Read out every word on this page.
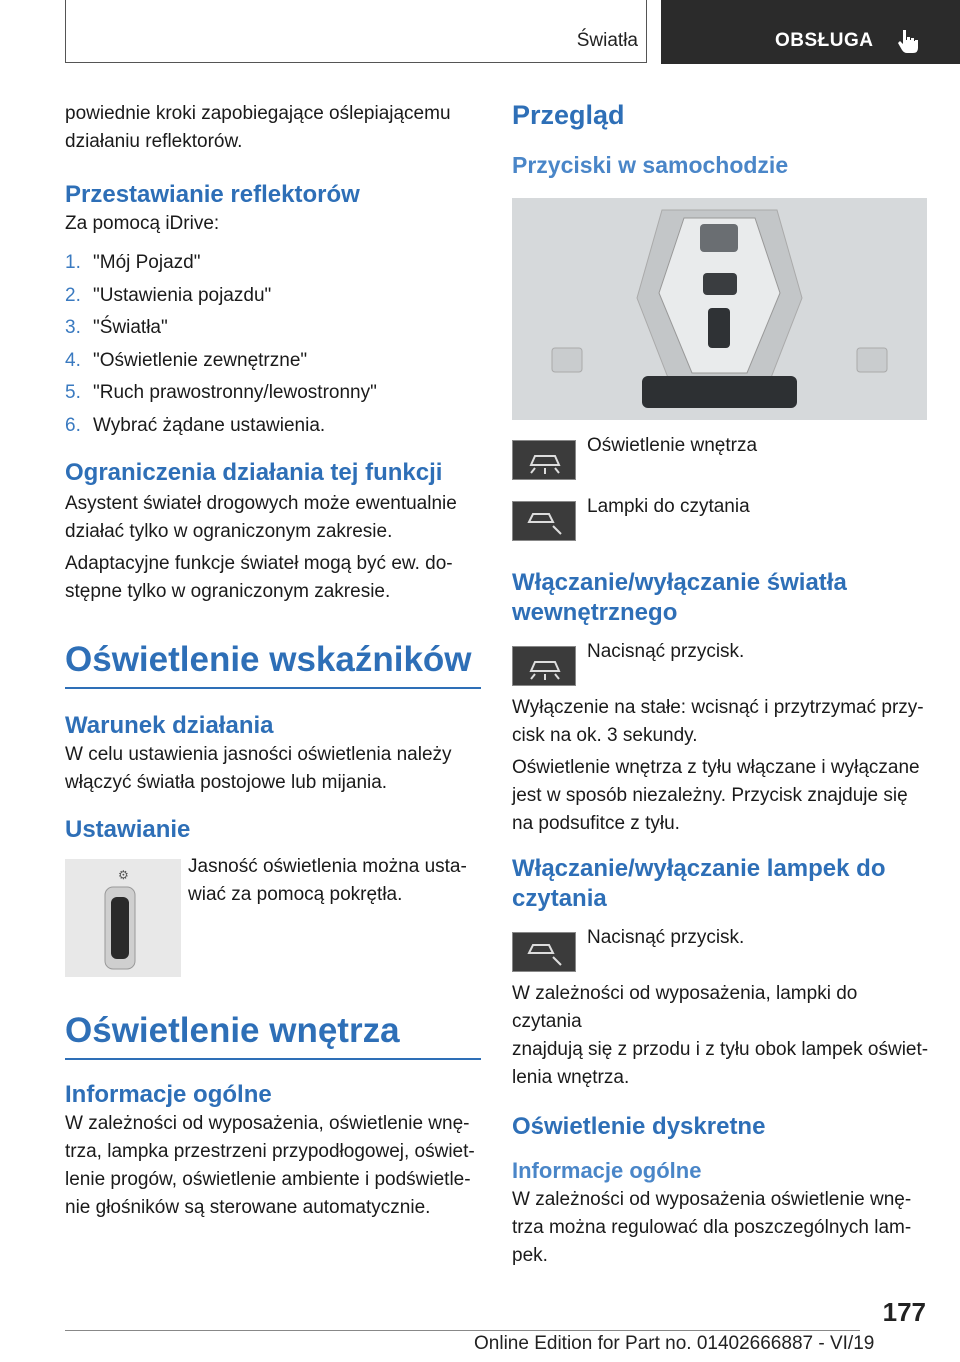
Światła	OBSŁUGA

powiednie kroki zapobiegające oślepiającemu działaniu reflektorów.

Przestawianie reflektorów

Za pomocą iDrive:

1. "Mój Pojazd"
2. "Ustawienia pojazdu"
3. "Światła"
4. "Oświetlenie zewnętrzne"
5. "Ruch prawostronny/lewostronny"
6. Wybrać żądane ustawienia.
Ograniczenia działania tej funkcji

Asystent świateł drogowych może ewentualnie działać tylko w ograniczonym zakresie.

Adaptacyjne funkcje świateł mogą być ew. do-
stępne tylko w ograniczonym zakresie.

Oświetlenie wskaźników
Warunek działania

W celu ustawienia jasności oświetlenia należy włączyć światła postojowe lub mijania.

Ustawianie
⚙	Jasność oświetlenia można usta-
wiać za pomocą pokrętła.

Oświetlenie wnętrza
Informacje ogólne

W zależności od wyposażenia, oświetlenie wnę-
trza, lampka przestrzeni przypodłogowej, oświet-
lenie progów, oświetlenie ambiente i podświetle-
nie głośników są sterowane automatycznie.

Przegląd
Przyciski w samochodzie
Oświetlenie wnętrza
Lampki do czytania
Włączanie/wyłączanie światła wewnętrznego
Nacisnąć przycisk.

Wyłączenie na stałe: wcisnąć i przytrzymać przy-
cisk na ok. 3 sekundy.

Oświetlenie wnętrza z tyłu włączane i wyłączane
jest w sposób niezależny. Przycisk znajduje się
na podsufitce z tyłu.

Włączanie/wyłączanie lampek do czytania
Nacisnąć przycisk.

W zależności od wyposażenia, lampki do czytania
znajdują się z przodu i z tyłu obok lampek oświet-
lenia wnętrza.

Oświetlenie dyskretne
Informacje ogólne

W zależności od wyposażenia oświetlenie wnę-
trza można regulować dla poszczególnych lam-
pek.

177
Online Edition for Part no. 01402666887 - VI/19
